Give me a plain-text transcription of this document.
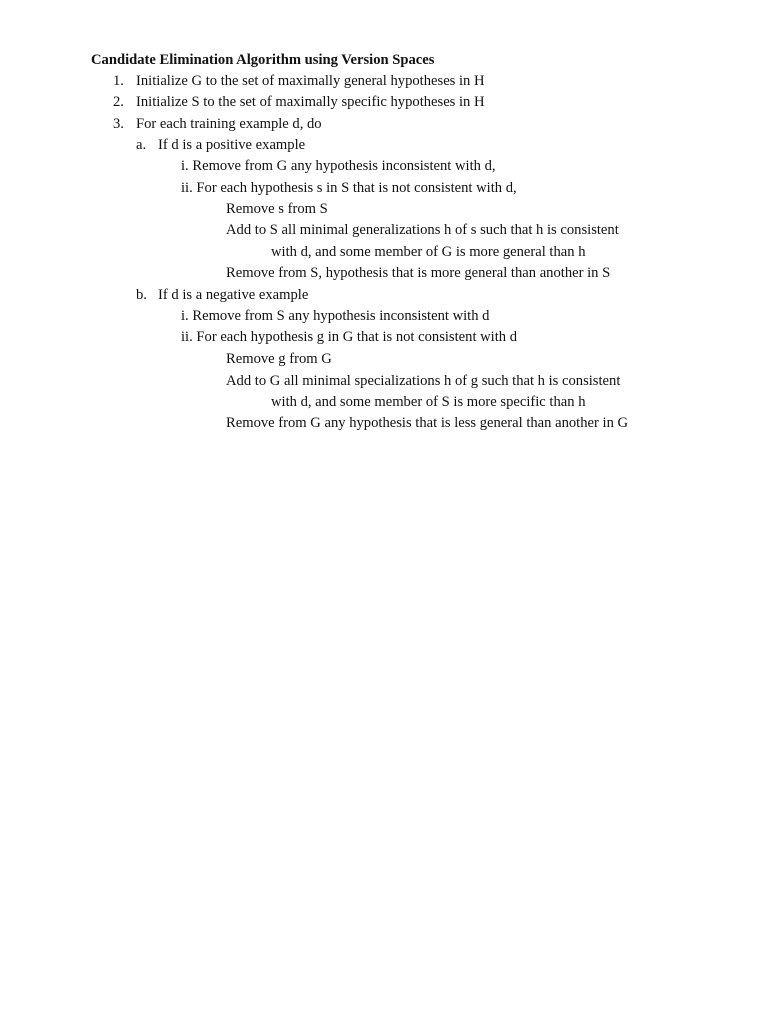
Candidate Elimination Algorithm using Version Spaces
1. Initialize G to the set of maximally general hypotheses in H
2. Initialize S to the set of maximally specific hypotheses in H
3. For each training example d, do
a. If d is a positive example
i. Remove from G any hypothesis inconsistent with d,
ii. For each hypothesis s in S that is not consistent with d,
Remove s from S
Add to S all minimal generalizations h of s such that h is consistent
with d, and some member of G is more general than h
Remove from S, hypothesis that is more general than another in S
b. If d is a negative example
i. Remove from S any hypothesis inconsistent with d
ii. For each hypothesis g in G that is not consistent with d
Remove g from G
Add to G all minimal specializations h of g such that h is consistent
with d, and some member of S is more specific than h
Remove from G any hypothesis that is less general than another in G
